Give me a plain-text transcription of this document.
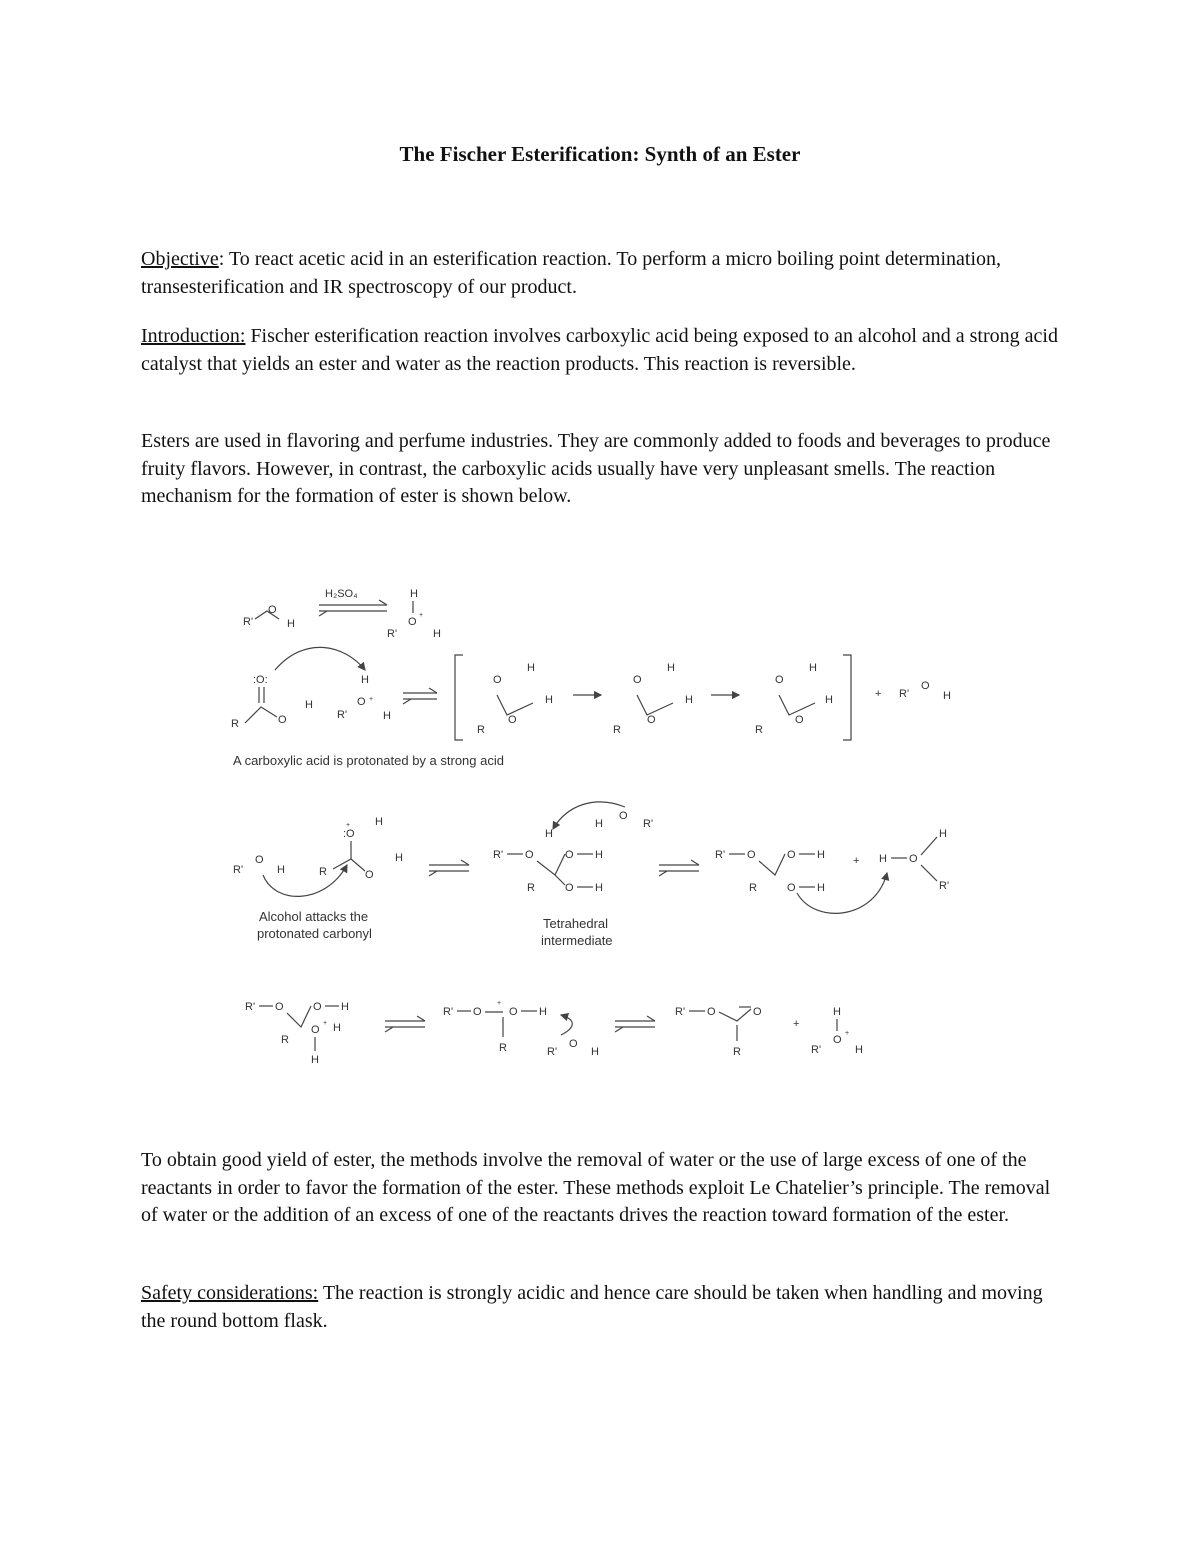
The Fischer Esterification: Synth of an Ester
Objective: To react acetic acid in an esterification reaction. To perform a micro boiling point determination, transesterification and IR spectroscopy of our product.
Introduction: Fischer esterification reaction involves carboxylic acid being exposed to an alcohol and a strong acid catalyst that yields an ester and water as the reaction products. This reaction is reversible.
Esters are used in flavoring and perfume industries. They are commonly added to foods and beverages to produce fruity flavors. However, in contrast, the carboxylic acids usually have very unpleasant smells. The reaction mechanism for the formation of ester is shown below.
R'
O
H
H₂SO₄	H
O
+
R'	H
:O:
R	O
H
H
O +
R'	H
O
H
R
O
H
O
H
R
O
H
O
H
R
O
H	+ R'
O
H
A carboxylic acid is protonated by a strong acid
R'
O
H
:O
+ H
R	O
H
Alcohol attacks the
protonated carbonyl
R' O
H
O H
R	O H
H
O
R'
Tetrahedral
intermediate
R' O	O H
R	O H
+ H O
H
R'
R' O	O H
R
O
+ H
H
R' O
+
O H
R	R'
O
H
R' O	O
R
+
H
O
+
R'	H
To obtain good yield of ester, the methods involve the removal of water or the use of large excess of one of the reactants in order to favor the formation of the ester. These methods exploit Le Chatelier’s principle. The removal of water or the addition of an excess of one of the reactants drives the reaction toward formation of the ester.
Safety considerations: The reaction is strongly acidic and hence care should be taken when handling and moving the round bottom flask.
